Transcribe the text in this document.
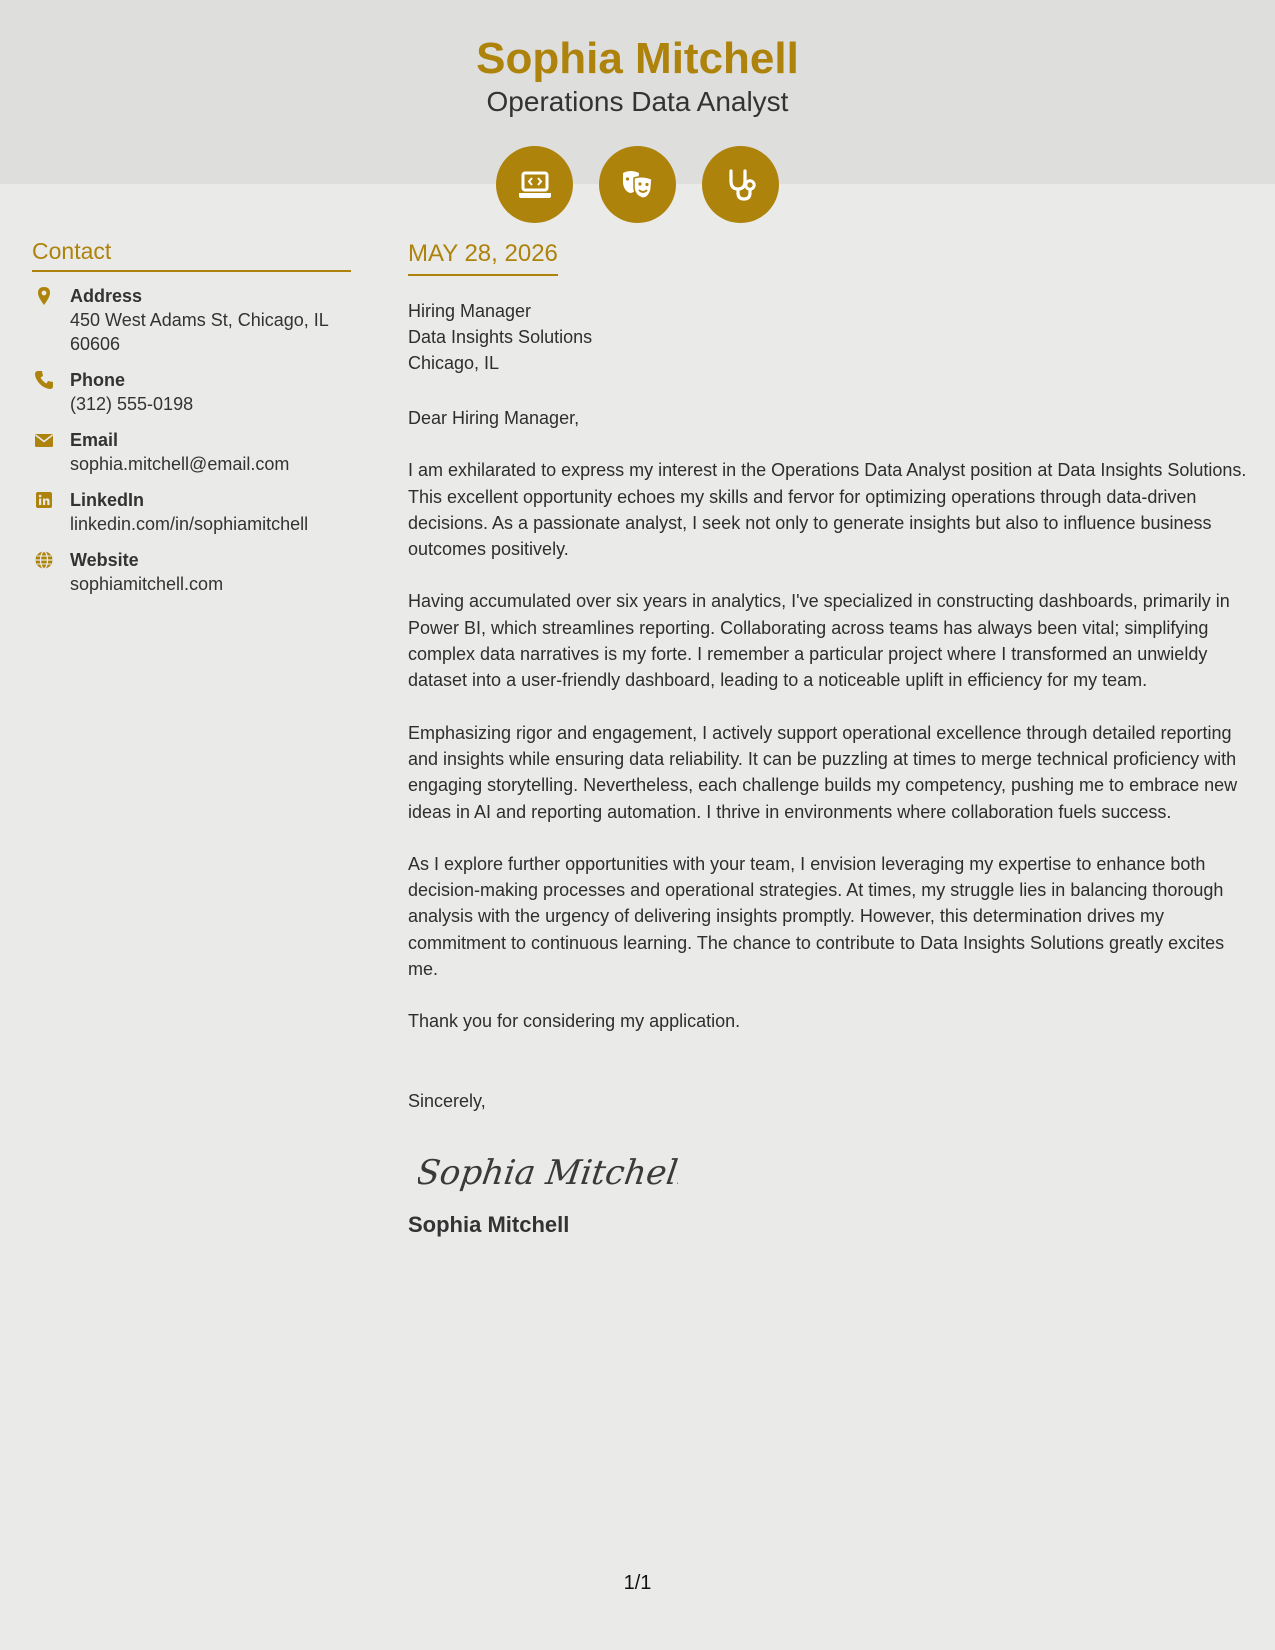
Sophia Mitchell
Operations Data Analyst
Contact
Address
450 West Adams St, Chicago, IL 60606
Phone
(312) 555-0198
Email
sophia.mitchell@email.com
LinkedIn
linkedin.com/in/sophiamitchell
Website
sophiamitchell.com
MAY 28, 2026
Hiring Manager
Data Insights Solutions
Chicago, IL

Dear Hiring Manager,

I am exhilarated to express my interest in the Operations Data Analyst position at Data Insights Solutions. This excellent opportunity echoes my skills and fervor for optimizing operations through data-driven decisions. As a passionate analyst, I seek not only to generate insights but also to influence business outcomes positively.

Having accumulated over six years in analytics, I've specialized in constructing dashboards, primarily in Power BI, which streamlines reporting. Collaborating across teams has always been vital; simplifying complex data narratives is my forte. I remember a particular project where I transformed an unwieldy dataset into a user-friendly dashboard, leading to a noticeable uplift in efficiency for my team.

Emphasizing rigor and engagement, I actively support operational excellence through detailed reporting and insights while ensuring data reliability. It can be puzzling at times to merge technical proficiency with engaging storytelling. Nevertheless, each challenge builds my competency, pushing me to embrace new ideas in AI and reporting automation. I thrive in environments where collaboration fuels success.

As I explore further opportunities with your team, I envision leveraging my expertise to enhance both decision-making processes and operational strategies. At times, my struggle lies in balancing thorough analysis with the urgency of delivering insights promptly. However, this determination drives my commitment to continuous learning. The chance to contribute to Data Insights Solutions greatly excites me.

Thank you for considering my application.

Sincerely,

Sophia Mitchell
Sophia Mitchell
1/1
